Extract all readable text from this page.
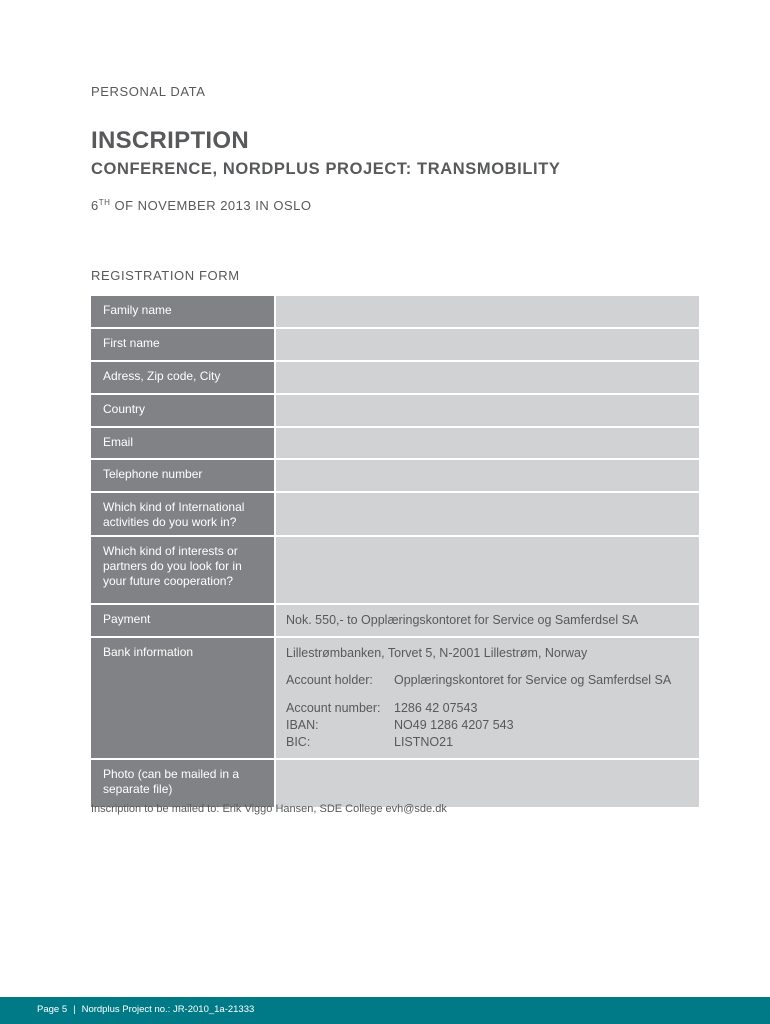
PERSONAL DATA
INSCRIPTION
CONFERENCE, NORDPLUS PROJECT: TRANSMOBILITY
6TH OF NOVEMBER 2013 IN OSLO
REGISTRATION FORM
Family name
First name
Adress, Zip code, City
Country
Email
Telephone number
Which kind of International activities do you work in?
Which kind of interests or partners do you look for in your future cooperation?
Payment	Nok. 550,- to Opplæringskontoret for Service og Samferdsel SA
Bank information	Lillestrømbanken, Torvet 5, N-2001 Lillestrøm, Norway
Account holder:	Opplæringskontoret for Service og Samferdsel SA
Account number:	1286 42 07543
IBAN:	NO49 1286 4207 543
BIC:	LISTNO21
Photo (can be mailed in a separate file)
Inscription to be mailed to: Erik Viggo Hansen, SDE College evh@sde.dk
Page 5 | Nordplus Project no.: JR-2010_1a-21333
